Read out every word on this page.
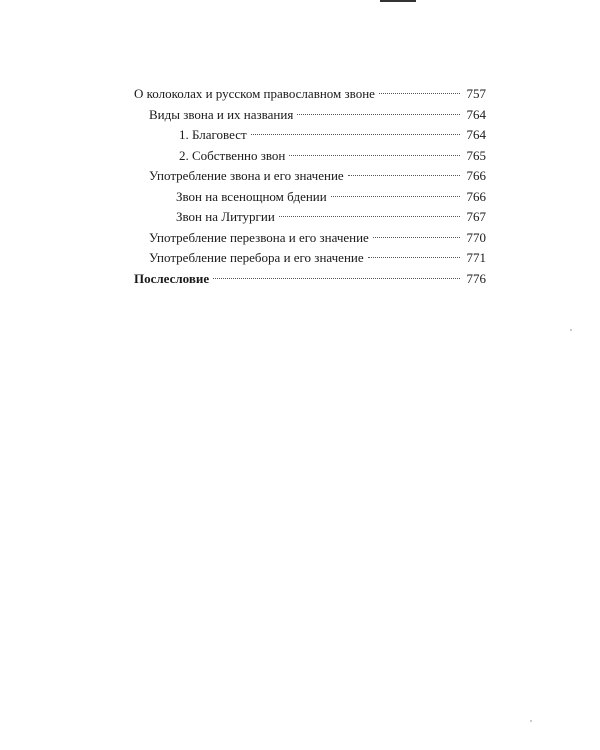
О колоколах и русском православном звоне	757
Виды звона и их названия	764
1. Благовест	764
2. Собственно звон	765
Употребление звона и его значение	766
Звон на всенощном бдении	766
Звон на Литургии	767
Употребление перезвона и его значение	770
Употребление перебора и его значение	771
Послесловие	776
